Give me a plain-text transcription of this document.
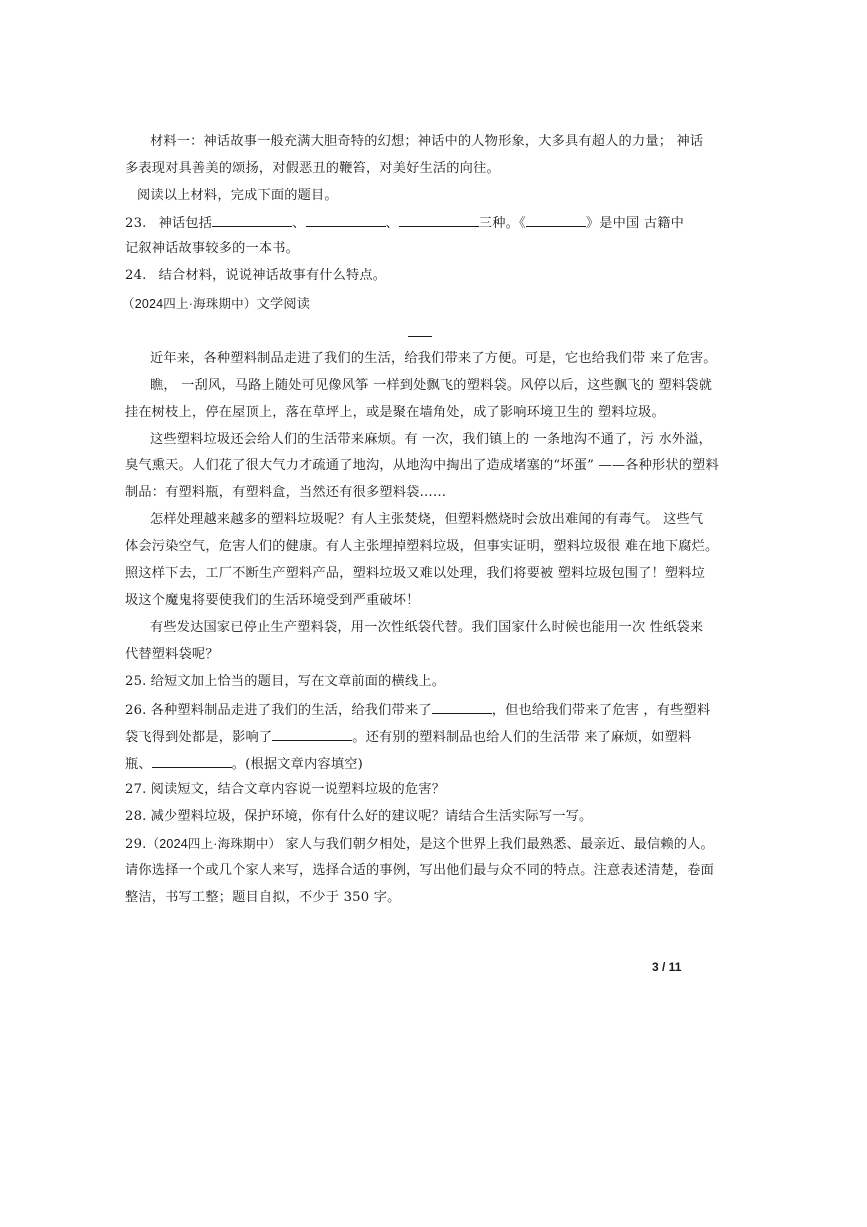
材料一：神话故事一般充满大胆奇特的幻想；神话中的人物形象，大多具有超人的力量； 神话
多表现对具善美的颂扬，对假恶丑的鞭笞，对美好生活的向往。
阅读以上材料，完成下面的题目。
23. 神话包括	、	、	三种。《	》是中国 古籍中
记叙神话故事较多的一本书。
24. 结合材料，说说神话故事有什么特点。
（2024四上·海珠期中）文学阅读
近年来，各种塑料制品走进了我们的生活，给我们带来了方便。可是，它也给我们带 来了危害。
瞧， 一刮风，马路上随处可见像风筝 一样到处飘飞的塑料袋。风停以后，这些飘飞的 塑料袋就
挂在树枝上，停在屋顶上，落在草坪上，或是聚在墙角处，成了影响环境卫生的 塑料垃圾。
这些塑料垃圾还会给人们的生活带来麻烦。有 一次，我们镇上的 一条地沟不通了，污 水外溢，
臭气熏天。人们花了很大气力才疏通了地沟，从地沟中掏出了造成堵塞的“坏蛋” ——各种形状的塑料
制品：有塑料瓶，有塑料盒，当然还有很多塑料袋……
怎样处理越来越多的塑料垃圾呢？有人主张焚烧，但塑料燃烧时会放出难闻的有毒气。 这些气
体会污染空气，危害人们的健康。有人主张埋掉塑料垃圾，但事实证明，塑料垃圾很 难在地下腐烂。
照这样下去，工厂不断生产塑料产品，塑料垃圾又难以处理，我们将要被 塑料垃圾包围了！塑料垃
圾这个魔鬼将要使我们的生活环境受到严重破坏！
有些发达国家已停止生产塑料袋，用一次性纸袋代替。我们国家什么时候也能用一次 性纸袋来
代替塑料袋呢？
25. 给短文加上恰当的题目，写在文章前面的横线上。
26. 各种塑料制品走进了我们的生活，给我们带来了	，但也给我们带来了危害 ，有些塑料
袋飞得到处都是，影响了	。还有别的塑料制品也给人们的生活带 来了麻烦，如塑料
瓶、	。(根据文章内容填空)
27. 阅读短文，结合文章内容说一说塑料垃圾的危害？
28. 减少塑料垃圾，保护环境，你有什么好的建议呢？请结合生活实际写一写。
29.（2024四上·海珠期中） 家人与我们朝夕相处，是这个世界上我们最熟悉、最亲近、最信赖的人。
请你选择一个或几个家人来写，选择合适的事例，写出他们最与众不同的特点。注意表述清楚，卷面
整洁，书写工整；题目自拟，不少于 350 字。
3 / 11
